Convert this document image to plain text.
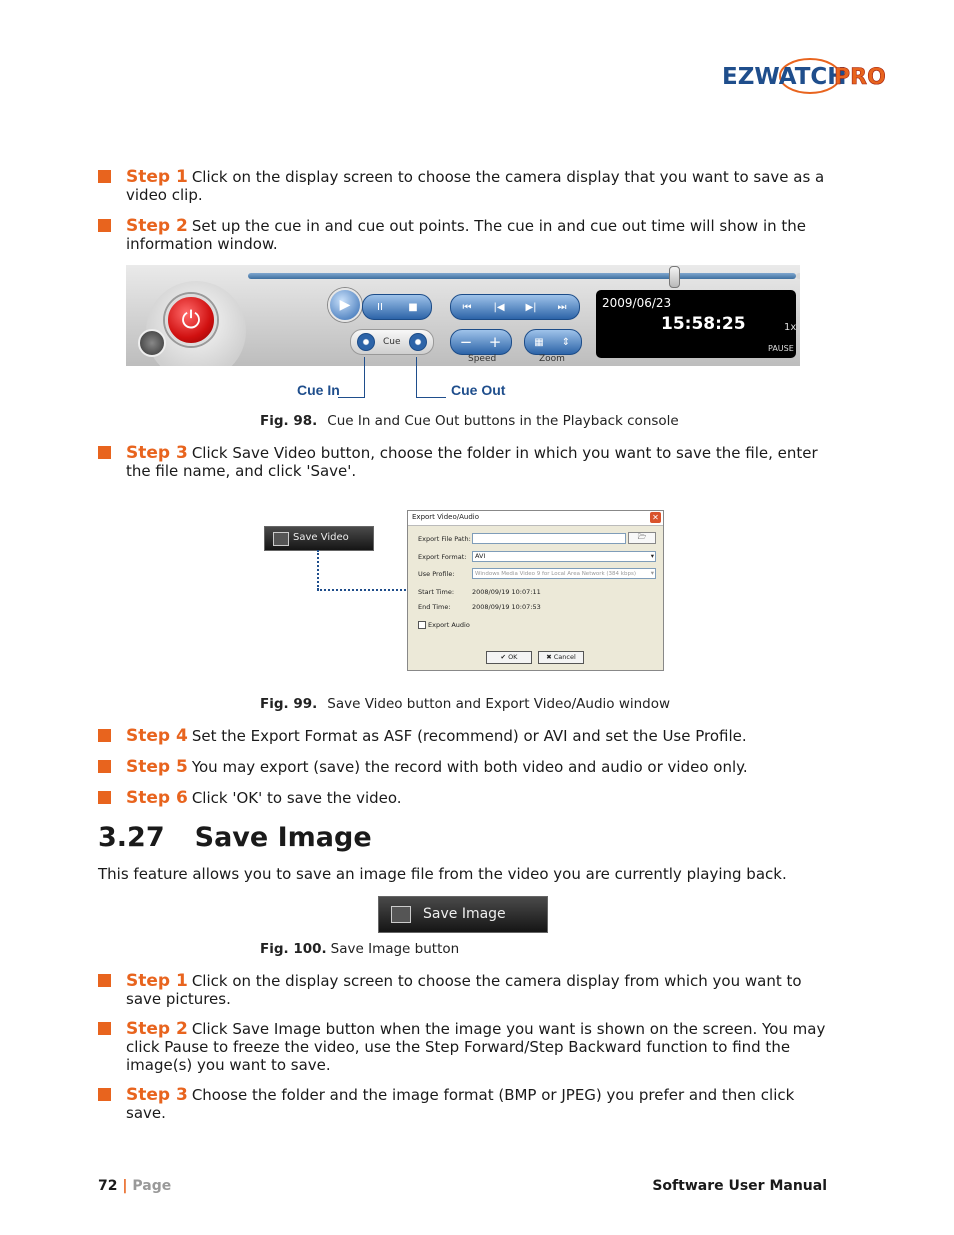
EZWATCH
PRO
Step 1 Click on the display screen to choose the camera display that you want to save as a video clip.
Step 2 Set up the cue in and cue out points. The cue in and cue out time will show in the information window.
⏻
▶	II	■	⏮ |◀ ▶| ⏭
Cue	− +	▦ ⇕
Speed	Zoom
2009/06/23
15:58:25	1x
PAUSE
Cue In	Cue Out
Fig. 98. Cue In and Cue Out buttons in the Playback console
Step 3 Click Save Video button, choose the folder in which you want to save the file, enter the file name, and click 'Save'.
Save Video
Export Video/Audio	✕
Export File Path:	🗁
Export Format:	AVI	▾
Use Profile:	Windows Media Video 9 for Local Area Network (384 kbps) ▾
Start Time:	2008/09/19 10:07:11
End Time:	2008/09/19 10:07:53
Export Audio
✔ OK	✖ Cancel
Fig. 99. Save Video button and Export Video/Audio window
Step 4 Set the Export Format as ASF (recommend) or AVI and set the Use Profile.
Step 5 You may export (save) the record with both video and audio or video only.
Step 6 Click 'OK' to save the video.
3.27 Save Image
This feature allows you to save an image file from the video you are currently playing back.
Save Image
Fig. 100. Save Image button
Step 1 Click on the display screen to choose the camera display from which you want to save pictures.
Step 2 Click Save Image button when the image you want is shown on the screen. You may click Pause to freeze the video, use the Step Forward/Step Backward function to find the image(s) you want to save.
Step 3 Choose the folder and the image format (BMP or JPEG) you prefer and then click save.
72 | Page	Software User Manual
